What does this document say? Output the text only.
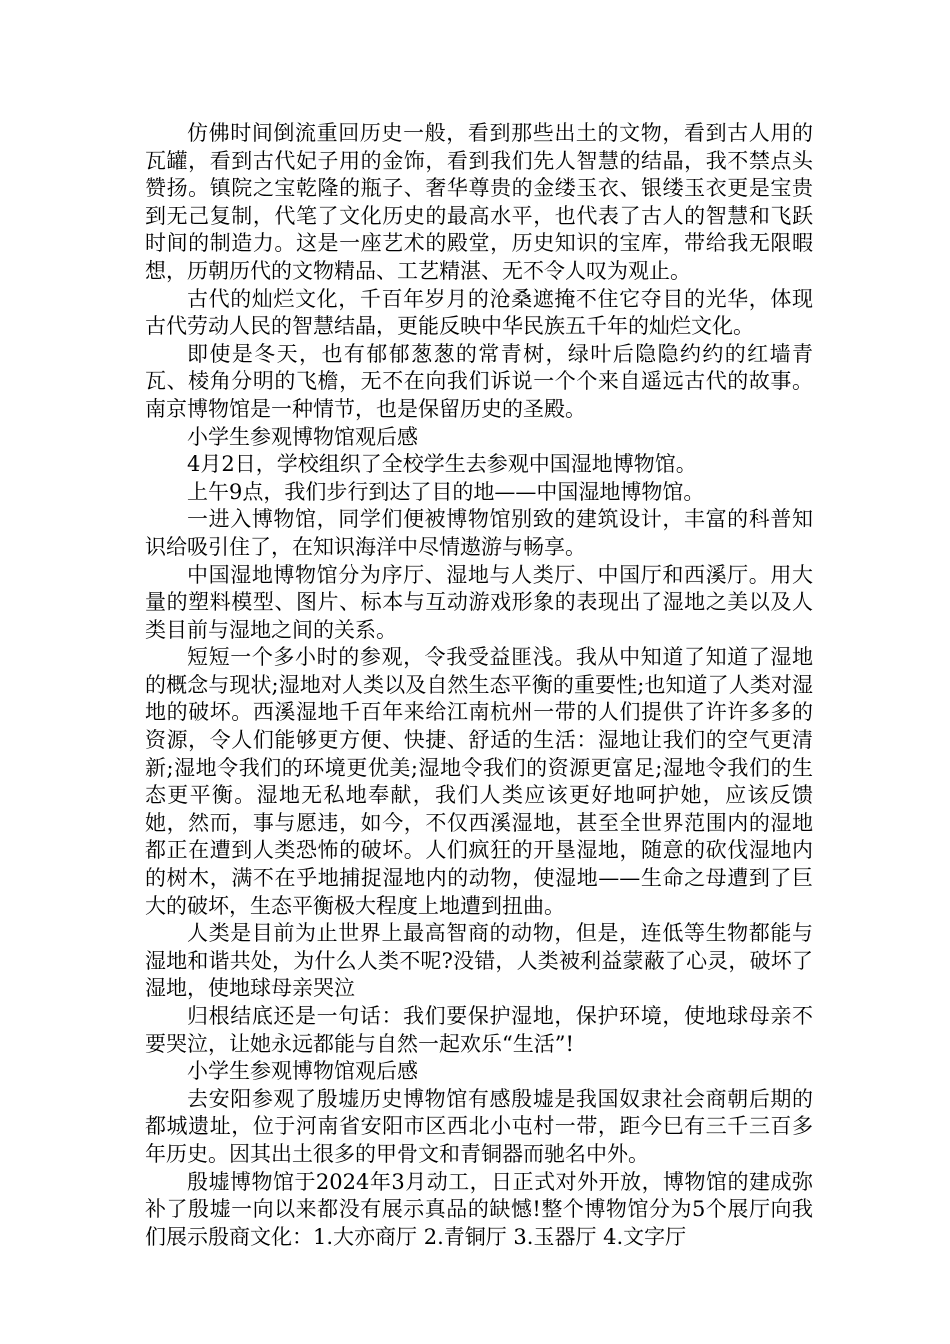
仿佛时间倒流重回历史一般，看到那些出土的文物，看到古人用的瓦罐，看到古代妃子用的金饰，看到我们先人智慧的结晶，我不禁点头赞扬。镇院之宝乾隆的瓶子、奢华尊贵的金缕玉衣、银缕玉衣更是宝贵到无己复制，代笔了文化历史的最高水平，也代表了古人的智慧和飞跃时间的制造力。这是一座艺术的殿堂，历史知识的宝库，带给我无限暇想，历朝历代的文物精品、工艺精湛、无不令人叹为观止。

古代的灿烂文化，千百年岁月的沧桑遮掩不住它夺目的光华，体现古代劳动人民的智慧结晶，更能反映中华民族五千年的灿烂文化。

即使是冬天，也有郁郁葱葱的常青树，绿叶后隐隐约约的红墙青瓦、棱角分明的飞檐，无不在向我们诉说一个个来自遥远古代的故事。南京博物馆是一种情节，也是保留历史的圣殿。

小学生参观博物馆观后感

4月2日，学校组织了全校学生去参观中国湿地博物馆。

上午9点，我们步行到达了目的地——中国湿地博物馆。

一进入博物馆，同学们便被博物馆别致的建筑设计，丰富的科普知识给吸引住了，在知识海洋中尽情遨游与畅享。

中国湿地博物馆分为序厅、湿地与人类厅、中国厅和西溪厅。用大量的塑料模型、图片、标本与互动游戏形象的表现出了湿地之美以及人类目前与湿地之间的关系。

短短一个多小时的参观，令我受益匪浅。我从中知道了知道了湿地的概念与现状;湿地对人类以及自然生态平衡的重要性;也知道了人类对湿地的破坏。西溪湿地千百年来给江南杭州一带的人们提供了许许多多的资源，令人们能够更方便、快捷、舒适的生活：湿地让我们的空气更清新;湿地令我们的环境更优美;湿地令我们的资源更富足;湿地令我们的生态更平衡。湿地无私地奉献，我们人类应该更好地呵护她，应该反馈她，然而，事与愿违，如今，不仅西溪湿地，甚至全世界范围内的湿地都正在遭到人类恐怖的破坏。人们疯狂的开垦湿地，随意的砍伐湿地内的树木，满不在乎地捕捉湿地内的动物，使湿地——生命之母遭到了巨大的破坏，生态平衡极大程度上地遭到扭曲。

人类是目前为止世界上最高智商的动物，但是，连低等生物都能与湿地和谐共处，为什么人类不呢?没错，人类被利益蒙蔽了心灵，破坏了湿地，使地球母亲哭泣

归根结底还是一句话：我们要保护湿地，保护环境，使地球母亲不要哭泣，让她永远都能与自然一起欢乐“生活”!

小学生参观博物馆观后感

去安阳参观了殷墟历史博物馆有感殷墟是我国奴隶社会商朝后期的都城遗址，位于河南省安阳市区西北小屯村一带，距今巳有三千三百多年历史。因其出土很多的甲骨文和青铜器而驰名中外。

殷墟博物馆于2024年3月动工，日正式对外开放，博物馆的建成弥补了殷墟一向以来都没有展示真品的缺憾!整个博物馆分为5个展厅向我们展示殷商文化：1.大亦商厅 2.青铜厅 3.玉器厅 4.文字厅
